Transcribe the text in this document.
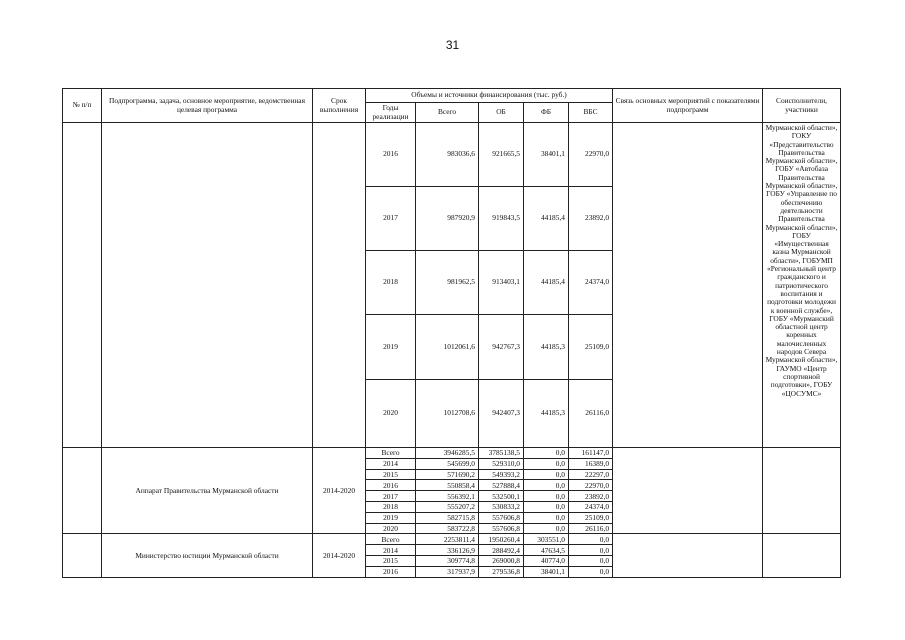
31
№ п/п	Подпрограмма, задача, основное мероприятие, ведомственная целевая программа	Срок выполнения	Объемы и источники финансирования (тыс. руб.)					Связь основных мероприятий с показателями подпрограмм	Соисполнители, участники
			Годы реализации	Всего	ОБ	ФБ	ВБС		
			2016	983036,6	921665,5	38401,1	22970,0		Мурманской области», ГОКУ «Представительство Правительства Мурманской области», ГОБУ «Автобаза Правительства Мурманской области», ГОБУ «Управление по обеспечению деятельности Правительства Мурманской области», ГОБУ «Имущественная казна Мурманской области», ГОБУМП «Региональный центр гражданского и патриотического воспитания и подготовки молодежи к военной службе», ГОБУ «Мурманский областной центр коренных малочисленных народов Севера Мурманской области», ГАУМО «Центр спортивной подготовки», ГОБУ «ЦОСУМС»
			2017	987920,9	919843,5	44185,4	23892,0		
			2018	981962,5	913403,1	44185,4	24374,0		
			2019	1012061,6	942767,3	44185,3	25109,0		
			2020	1012708,6	942407,3	44185,3	26116,0		
	Аппарат Правительства Мурманской области	2014-2020	Всего	3946285,5	3785138,5	0,0	161147,0		
			2014	545699,0	529310,0	0,0	16389,0		
			2015	571690,2	549393,2	0,0	22297,0		
			2016	550858,4	527888,4	0,0	22970,0		
			2017	556392,1	532500,1	0,0	23892,0		
			2018	555207,2	530833,2	0,0	24374,0		
			2019	582715,8	557606,8	0,0	25109,0		
			2020	583722,8	557606,8	0,0	26116,0		
	Министерство юстиции Мурманской области	2014-2020	Всего	2253811,4	1950260,4	303551,0	0,0		
			2014	336126,9	288492,4	47634,5	0,0		
			2015	309774,8	269000,8	40774,0	0,0		
			2016	317937,9	279536,8	38401,1	0,0		
